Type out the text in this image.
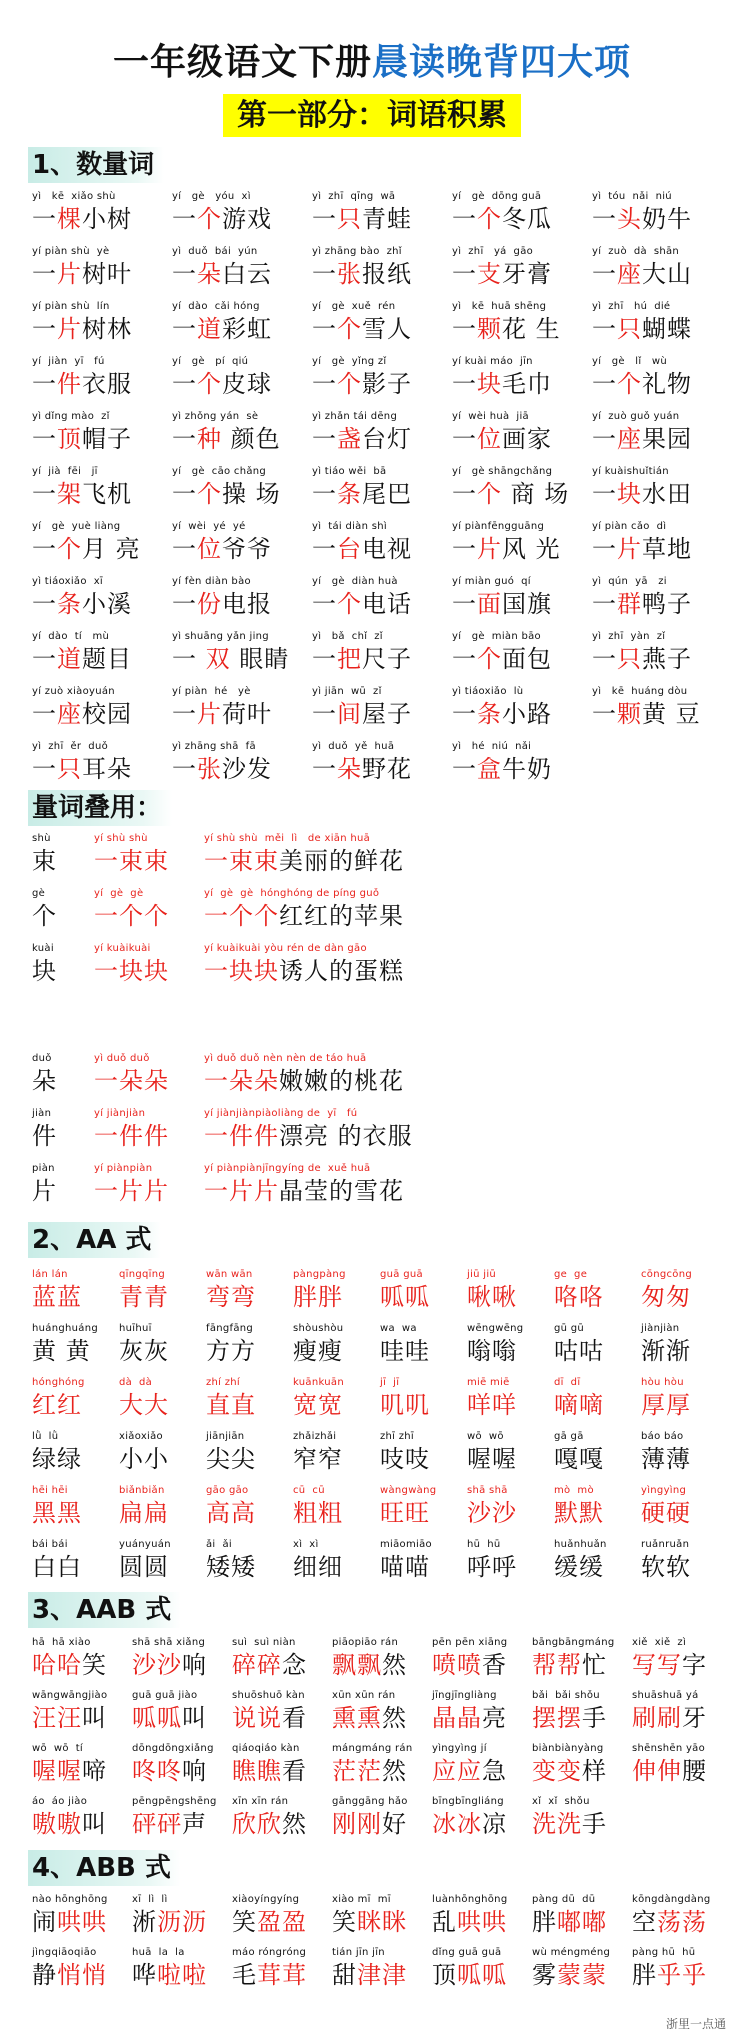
一年级语文下册晨读晚背四大项
第一部分：词语积累
1、数量词
yì   kē  xiǎo shù
一棵小树
yí   gè   yóu  xì
一个游戏
yì  zhī  qīng  wā
一只青蛙
yí   gè  dōng guā
一个冬瓜
yì  tóu  nǎi  niú
一头奶牛
yí piàn shù  yè
一片树叶
yì  duǒ  bái  yún
一朵白云
yì zhāng bào  zhǐ
一张报纸
yì  zhī   yá  gāo
一支牙膏
yí  zuò  dà  shān
一座大山
yí piàn shù  lín
一片树林
yí  dào  cǎi hóng
一道彩虹
yí   gè  xuě  rén
一个雪人
yì   kē  huā shēng
一颗花 生
yì  zhī   hú  dié
一只蝴蝶
yí  jiàn  yī   fú
一件衣服
yí   gè   pí  qiú
一个皮球
yí   gè  yǐng zǐ
一个影子
yí kuài máo  jīn
一块毛巾
yí   gè   lǐ   wù
一个礼物
yì dǐng mào  zǐ
一顶帽子
yì zhǒng yán  sè
一种 颜色
yì zhǎn tái dēng
一盏台灯
yí  wèi huà  jiā
一位画家
yí  zuò guǒ yuán
一座果园
yí  jià  fēi   jī
一架飞机
yí   gè  cāo chǎng
一个操 场
yì tiáo wěi  bā
一条尾巴
yí   gè shāngchǎng
一个 商 场
yí kuàishuǐtián
一块水田
yí   gè  yuè liàng
一个月 亮
yí  wèi  yé  yé
一位爷爷
yì  tái diàn shì
一台电视
yí piànfēngguāng
一片风 光
yí piàn cǎo  dì
一片草地
yì tiáoxiǎo  xī
一条小溪
yí fèn diàn bào
一份电报
yí   gè  diàn huà
一个电话
yí miàn guó  qí
一面国旗
yì  qún  yā   zi
一群鸭子
yí  dào  tí   mù
一道题目
yì shuāng yǎn jing
一 双 眼睛
yì   bǎ  chǐ  zǐ
一把尺子
yí   gè  miàn bāo
一个面包
yì  zhī  yàn  zǐ
一只燕子
yí zuò xiàoyuán
一座校园
yí piàn  hé   yè
一片荷叶
yì jiān  wū  zǐ
一间屋子
yì tiáoxiǎo  lù
一条小路
yì   kē  huáng dòu
一颗黄 豆
yì  zhī  ěr  duǒ
一只耳朵
yì zhāng shā  fā
一张沙发
yì  duǒ  yě  huā
一朵野花
yì   hé  niú  nǎi
一盒牛奶
量词叠用：
shù
束
yí shù shù
一束束
yí shù shù  měi  lì   de xiān huā
一束束美丽的鲜花
gè
个
yí  gè  gè
一个个
yí  gè  gè  hónghóng de píng guǒ
一个个红红的苹果
kuài
块
yí kuàikuài
一块块
yí kuàikuài yòu rén de dàn gāo
一块块诱人的蛋糕
duǒ
朵
yì duǒ duǒ
一朵朵
yì duǒ duǒ nèn nèn de táo huā
一朵朵嫩嫩的桃花
jiàn
件
yí jiànjiàn
一件件
yí jiànjiànpiàoliàng de  yī   fú
一件件漂亮 的衣服
piàn
片
yí piànpiàn
一片片
yí piànpiànjīngyíng de  xuě huā
一片片晶莹的雪花
2、AA 式
lán lán
蓝蓝
qīngqīng
青青
wān wān
弯弯
pàngpàng
胖胖
guā guā
呱呱
jiū jiū
啾啾
ge  ge
咯咯
cōngcōng
匆匆
huánghuáng
黄 黄
huīhuī
灰灰
fāngfāng
方方
shòushòu
瘦瘦
wa  wa
哇哇
wēngwēng
嗡嗡
gū gū
咕咕
jiànjiàn
渐渐
hónghóng
红红
dà  dà
大大
zhí zhí
直直
kuānkuān
宽宽
jī  jī
叽叽
miē miē
咩咩
dī  dī
嘀嘀
hòu hòu
厚厚
lǜ  lǜ
绿绿
xiǎoxiǎo
小小
jiānjiān
尖尖
zhǎizhǎi
窄窄
zhī zhī
吱吱
wō  wō
喔喔
gā gā
嘎嘎
báo báo
薄薄
hēi hēi
黑黑
biǎnbiǎn
扁扁
gāo gāo
高高
cū  cū
粗粗
wàngwàng
旺旺
shā shā
沙沙
mò  mò
默默
yìngyìng
硬硬
bái bái
白白
yuányuán
圆圆
ǎi  ǎi
矮矮
xì  xì
细细
miāomiāo
喵喵
hū  hū
呼呼
huǎnhuǎn
缓缓
ruǎnruǎn
软软
3、AAB 式
hā  hā xiào
哈哈笑
shā shā xiǎng
沙沙响
suì  suì niàn
碎碎念
piāopiāo rán
飘飘然
pēn pēn xiāng
喷喷香
bāngbāngmáng
帮帮忙
xiě  xiě  zì
写写字
wāngwāngjiào
汪汪叫
guā guā jiào
呱呱叫
shuōshuō kàn
说说看
xūn xūn rán
熏熏然
jīngjīngliàng
晶晶亮
bǎi  bǎi shǒu
摆摆手
shuāshuā yá
刷刷牙
wō  wō  tí
喔喔啼
dōngdōngxiǎng
咚咚响
qiáoqiáo kàn
瞧瞧看
mángmáng rán
茫茫然
yìngyìng jí
应应急
biànbiànyàng
变变样
shēnshēn yāo
伸伸腰
áo  áo jiào
嗷嗷叫
pēngpēngshēng
砰砰声
xīn xīn rán
欣欣然
gānggāng hǎo
刚刚好
bīngbīngliáng
冰冰凉
xǐ  xǐ  shǒu
洗洗手
4、ABB 式
nào hōnghōng
闹哄哄
xī  lì  lì
淅沥沥
xiàoyíngyíng
笑盈盈
xiào mī  mī
笑眯眯
luànhōnghōng
乱哄哄
pàng dū  dū
胖嘟嘟
kōngdàngdàng
空荡荡
jìngqiāoqiāo
静悄悄
huā  la  la
哗啦啦
máo róngróng
毛茸茸
tián jīn jīn
甜津津
dǐng guā guā
顶呱呱
wù méngméng
雾蒙蒙
pàng hū  hū
胖乎乎
浙里一点通
